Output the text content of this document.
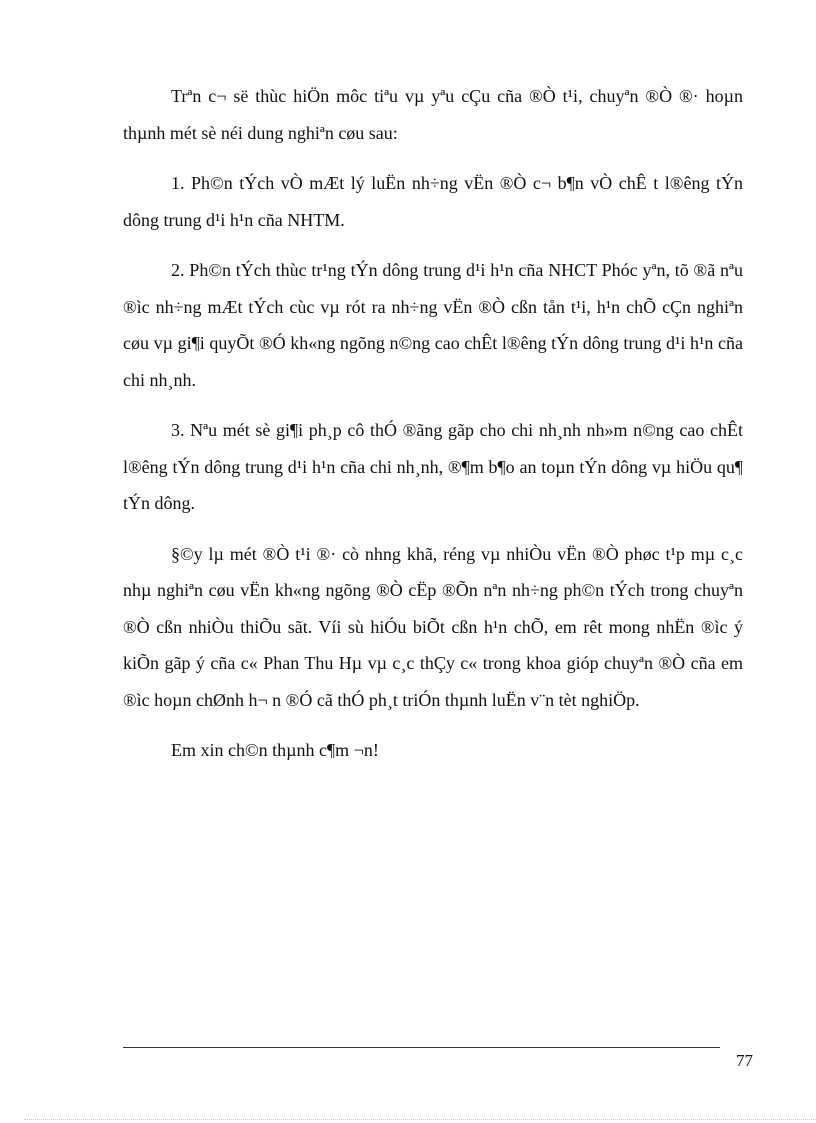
Trªn c¬ së thùc hiÖn môc tiªu vµ yªu cÇu cña ®Ò t¹i, chuyªn ®Ò ®· hoµn thµnh mét sè néi dung nghiªn cøu sau:

1. Ph©n tÝch vÒ mÆt lý luËn nh÷ng vËn ®Ò c¬ b¶n vÒ chÊ t l®êng tÝn dông trung d¹i h¹n cña NHTM.

2. Ph©n tÝch thùc tr¹ng tÝn dông trung d¹i h¹n cña NHCT Phóc yªn, tõ ®ã nªu ®ìc nh÷ng mÆt tÝch cùc vµ rót ra nh÷ng vËn ®Ò cßn tån t¹i, h¹n chÕ cÇn nghiªn cøu vµ gi¶i quyÕt ®Ó kh«ng ngõng n©ng cao chÊt l®êng tÝn dông trung d¹i h¹n cña chi nh¸nh.

3. Nªu mét sè gi¶i ph¸p cô thÓ ®ãng gãp cho chi nh¸nh nh»m n©ng cao chÊt l®êng tÝn dông trung d¹i h¹n cña chi nh¸nh, ®¶m b¶o an toµn tÝn dông vµ hiÖu qu¶ tÝn dông.

§©y lµ mét ®Ò t¹i ®· cò nhng khã, réng vµ nhiÒu vËn ®Ò phøc t¹p mµ c¸c nhµ nghiªn cøu vËn kh«ng ngõng ®Ò cËp ®Õn nªn nh÷ng ph©n tÝch trong chuyªn ®Ò cßn nhiÒu thiÕu sãt. Víi sù hiÓu biÕt cßn h¹n chÕ, em rêt mong nhËn ®ìc ý kiÕn gãp ý cña c« Phan Thu Hµ vµ c¸c thÇy c« trong khoa gióp chuyªn ®Ò cña em ®ìc hoµn chØnh h¬ n ®Ó cã thÓ ph¸t triÓn thµnh luËn v¨n tèt nghiÖp.

Em xin ch©n thµnh c¶m ¬n!

77
